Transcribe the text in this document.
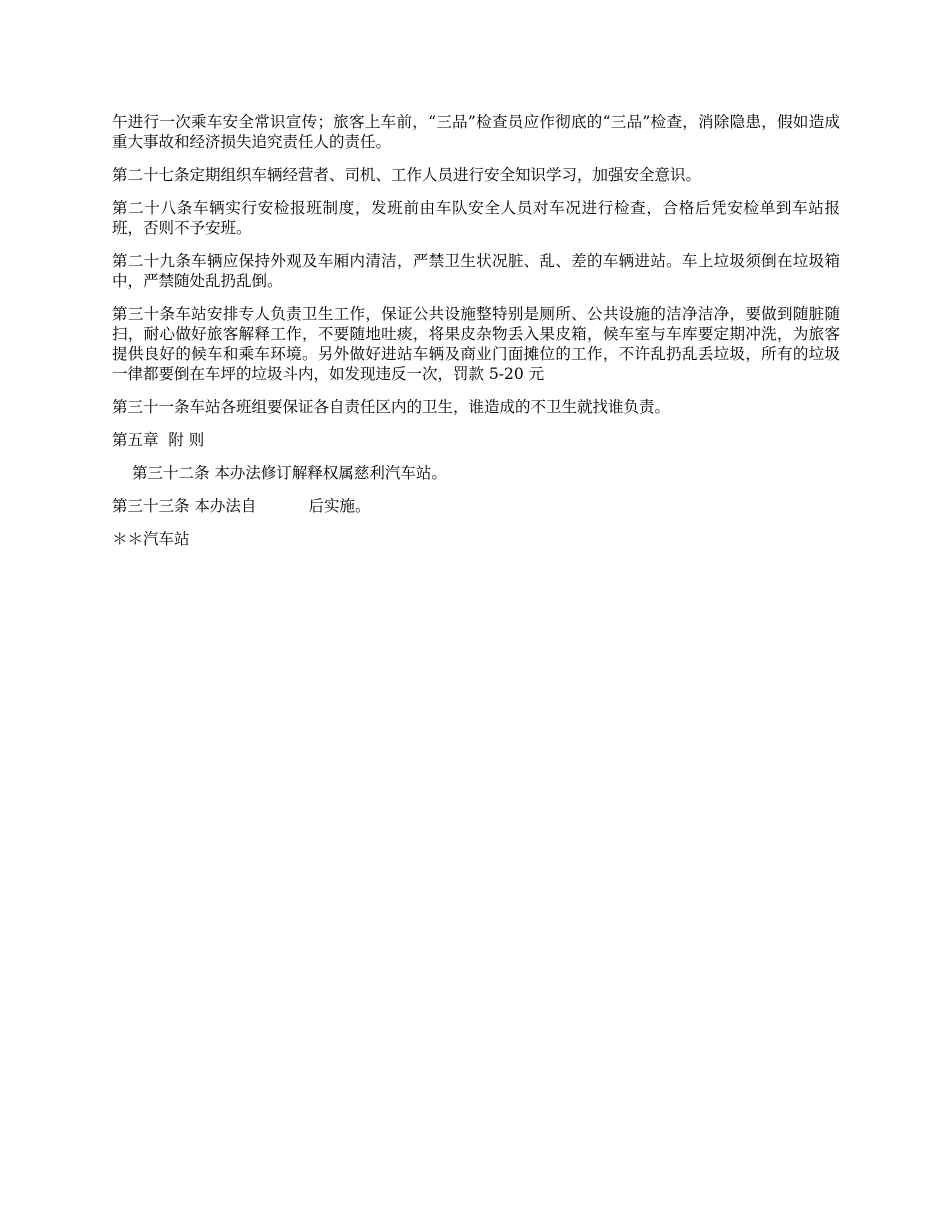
午进行一次乘车安全常识宣传；旅客上车前，“三品”检查员应作彻底的“三品”检查，消除隐患，假如造成重大事故和经济损失追究责任人的责任。

第二十七条定期组织车辆经营者、司机、工作人员进行安全知识学习，加强安全意识。

第二十八条车辆实行安检报班制度，发班前由车队安全人员对车况进行检查，合格后凭安检单到车站报班，否则不予安班。

第二十九条车辆应保持外观及车厢内清洁，严禁卫生状况脏、乱、差的车辆进站。车上垃圾须倒在垃圾箱中，严禁随处乱扔乱倒。

第三十条车站安排专人负责卫生工作，保证公共设施整特别是厕所、公共设施的洁净洁净，要做到随脏随扫，耐心做好旅客解释工作，不要随地吐痰，将果皮杂物丢入果皮箱，候车室与车库要定期冲洗，为旅客提供良好的候车和乘车环境。另外做好进站车辆及商业门面摊位的工作，不许乱扔乱丢垃圾，所有的垃圾一律都要倒在车坪的垃圾斗内，如发现违反一次，罚款 5-20 元

第三十一条车站各班组要保证各自责任区内的卫生，谁造成的不卫生就找谁负责。

第五章  附 则

第三十二条 本办法修订解释权属慈利汽车站。

第三十三条 本办法自	后实施。

＊＊汽车站
